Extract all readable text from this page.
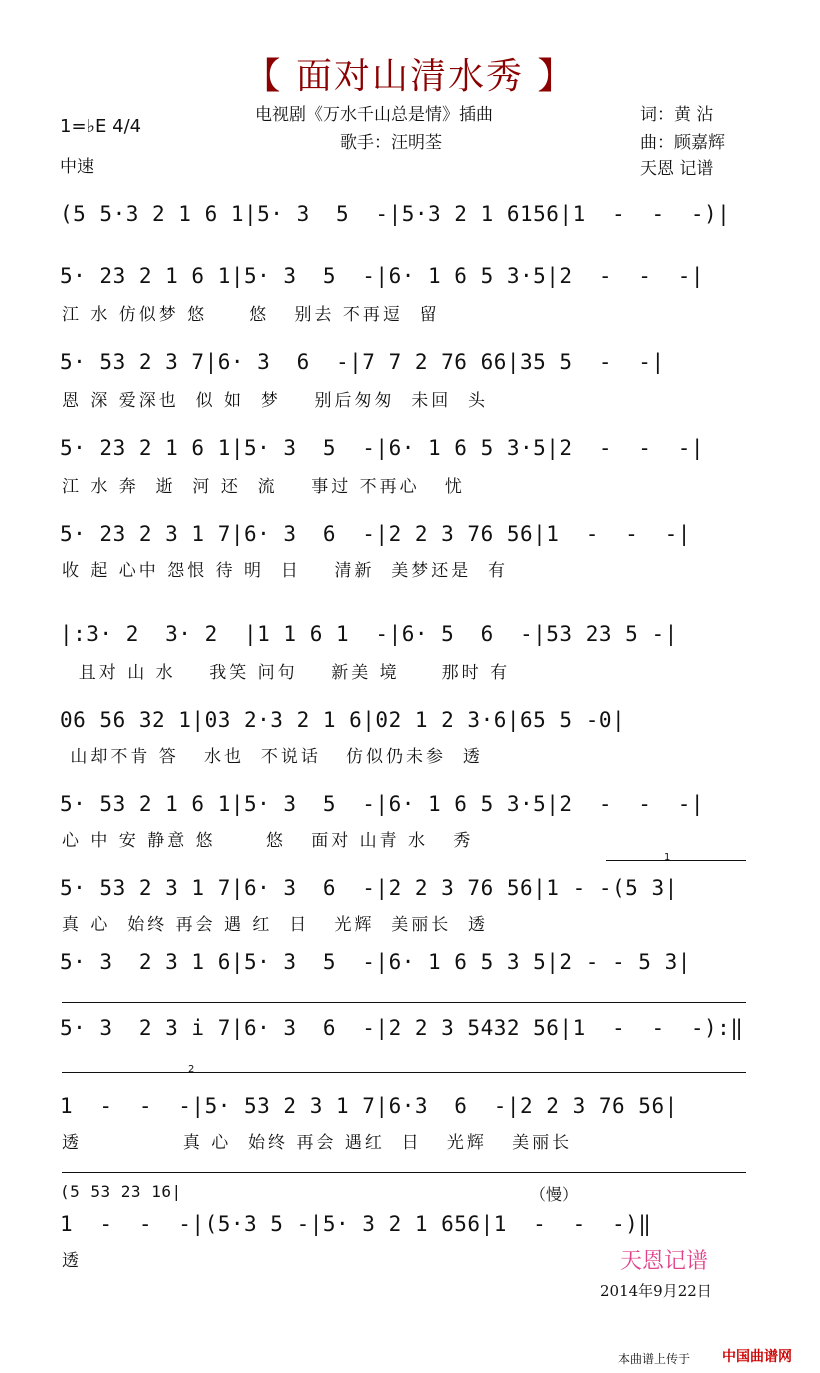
【 面对山清水秀 】
1=♭E 4/4
中速
电视剧《万水千山总是情》插曲
歌手：汪明荃
词：黄 沾
曲：顾嘉辉
天恩 记谱
(5 5·3 2 1 6 1|5· 3  5  -|5·3 2 1 6156|1  -  -  -)|
5· 23 2 1 6 1|5· 3  5  -|6· 1 6 5 3·5|2  -  -  -|
江 水 仿似梦 悠     悠   别去 不再逗  留
5· 53 2 3 7|6· 3  6  -|7 7 2 76 66|35 5  -  -|
恩 深 爱深也  似 如  梦    别后匆匆  未回  头
5· 23 2 1 6 1|5· 3  5  -|6· 1 6 5 3·5|2  -  -  -|
江 水 奔  逝  河 还  流    事过 不再心   忧
5· 23 2 3 1 7|6· 3  6  -|2 2 3 76 56|1  -  -  -|
收 起 心中 怨恨 待 明  日    清新  美梦还是  有
|:3· 2  3· 2  |1 1 6 1  -|6· 5  6  -|53 23 5 -|
且对 山 水    我笑 问句    新美 境     那时 有
06 56 32 1|03 2·3 2 1 6|02 1 2 3·6|65 5 -0|
山却不肯 答   水也  不说话   仿似仍未参  透
5· 53 2 1 6 1|5· 3  5  -|6· 1 6 5 3·5|2  -  -  -|
心 中 安 静意 悠      悠   面对 山青 水   秀
1
5· 53 2 3 1 7|6· 3  6  -|2 2 3 76 56|1 - -(5 3|
真 心  始终 再会 遇 红  日   光辉  美丽长  透
5· 3  2 3 1 6|5· 3  5  -|6· 1 6 5 3 5|2 - - 5 3|
5· 3  2 3 i 7|6· 3  6  -|2 2 3 5432 56|1  -  -  -):‖
2
1  -  -  -|5· 53 2 3 1 7|6·3  6  -|2 2 3 76 56|
透            真 心  始终 再会 遇红  日   光辉   美丽长
(5 53 23 16|	（慢）
1  -  -  -|(5·3 5 -|5· 3 2 1 656|1  -  -  -)‖
透	天恩记谱
2014年9月22日
本曲谱上传于 中国曲谱网
